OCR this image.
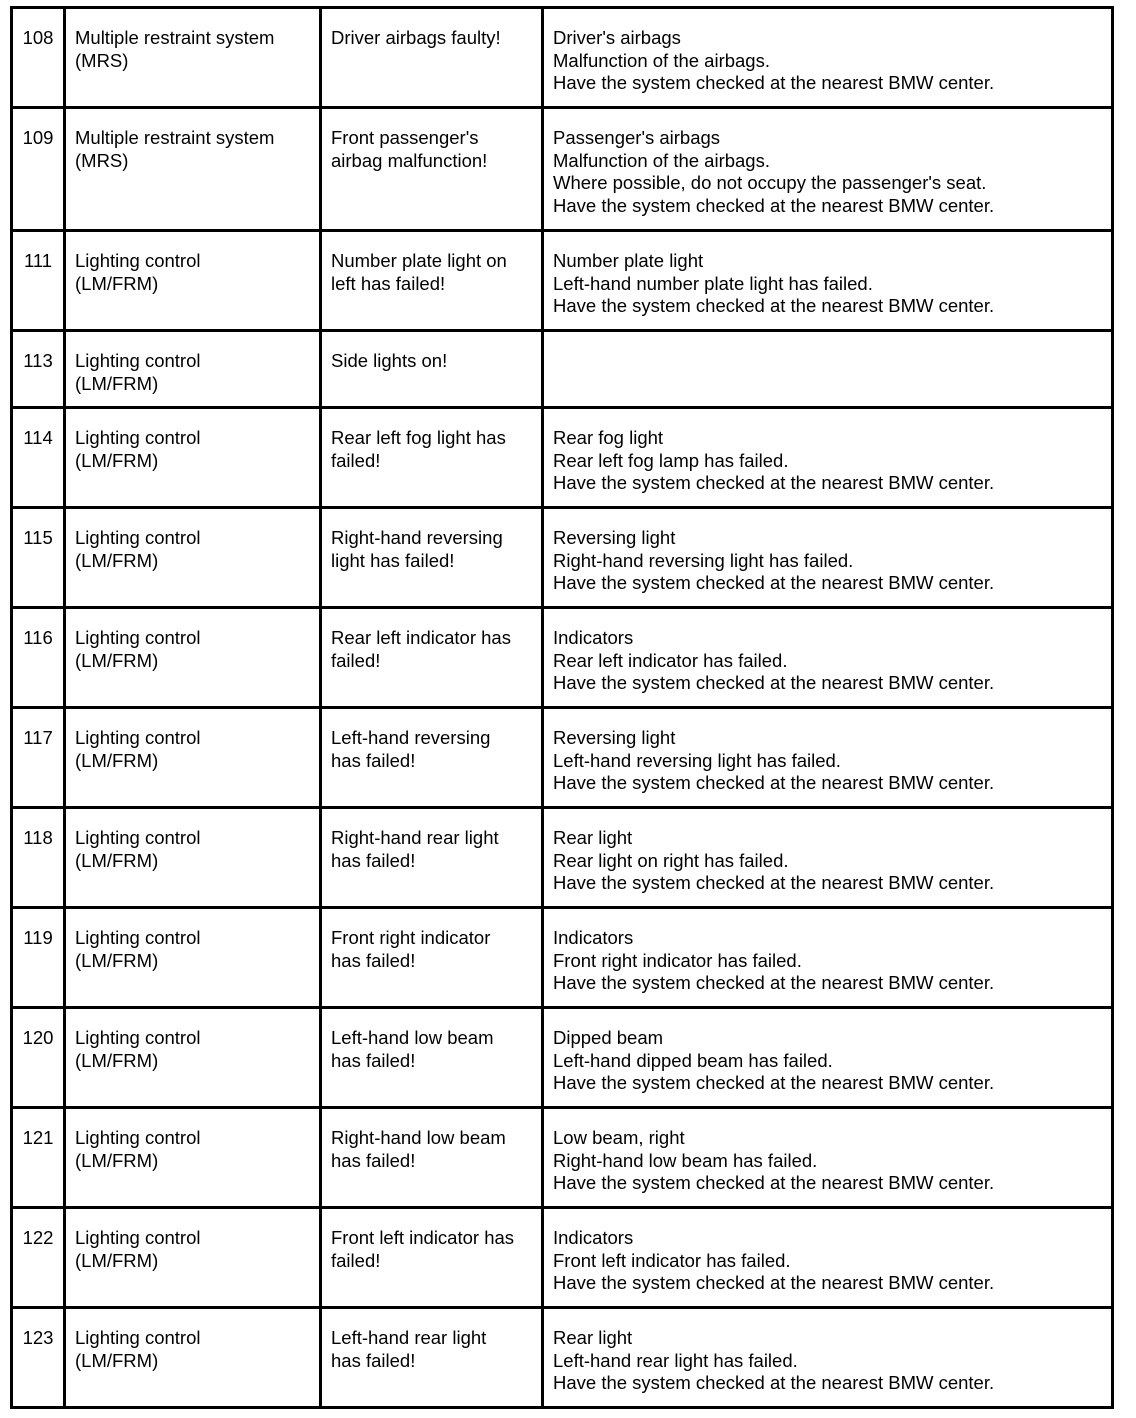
108	Multiple restraint system
(MRS)	Driver airbags faulty!	Driver's airbags
Malfunction of the airbags.
Have the system checked at the nearest BMW center.

109	Multiple restraint system
(MRS)	Front passenger's
airbag malfunction!	Passenger's airbags
Malfunction of the airbags.
Where possible, do not occupy the passenger's seat.
Have the system checked at the nearest BMW center.

111	Lighting control
(LM/FRM)	Number plate light on
left has failed!	Number plate light
Left-hand number plate light has failed.
Have the system checked at the nearest BMW center.

113	Lighting control
(LM/FRM)	Side lights on!	

114	Lighting control
(LM/FRM)	Rear left fog light has
failed!	Rear fog light
Rear left fog lamp has failed.
Have the system checked at the nearest BMW center.

115	Lighting control
(LM/FRM)	Right-hand reversing
light has failed!	Reversing light
Right-hand reversing light has failed.
Have the system checked at the nearest BMW center.

116	Lighting control
(LM/FRM)	Rear left indicator has
failed!	Indicators
Rear left indicator has failed.
Have the system checked at the nearest BMW center.

117	Lighting control
(LM/FRM)	Left-hand reversing
has failed!	Reversing light
Left-hand reversing light has failed.
Have the system checked at the nearest BMW center.

118	Lighting control
(LM/FRM)	Right-hand rear light
has failed!	Rear light
Rear light on right has failed.
Have the system checked at the nearest BMW center.

119	Lighting control
(LM/FRM)	Front right indicator
has failed!	Indicators
Front right indicator has failed.
Have the system checked at the nearest BMW center.

120	Lighting control
(LM/FRM)	Left-hand low beam
has failed!	Dipped beam
Left-hand dipped beam has failed.
Have the system checked at the nearest BMW center.

121	Lighting control
(LM/FRM)	Right-hand low beam
has failed!	Low beam, right
Right-hand low beam has failed.
Have the system checked at the nearest BMW center.

122	Lighting control
(LM/FRM)	Front left indicator has
failed!	Indicators
Front left indicator has failed.
Have the system checked at the nearest BMW center.

123	Lighting control
(LM/FRM)	Left-hand rear light
has failed!	Rear light
Left-hand rear light has failed.
Have the system checked at the nearest BMW center.
